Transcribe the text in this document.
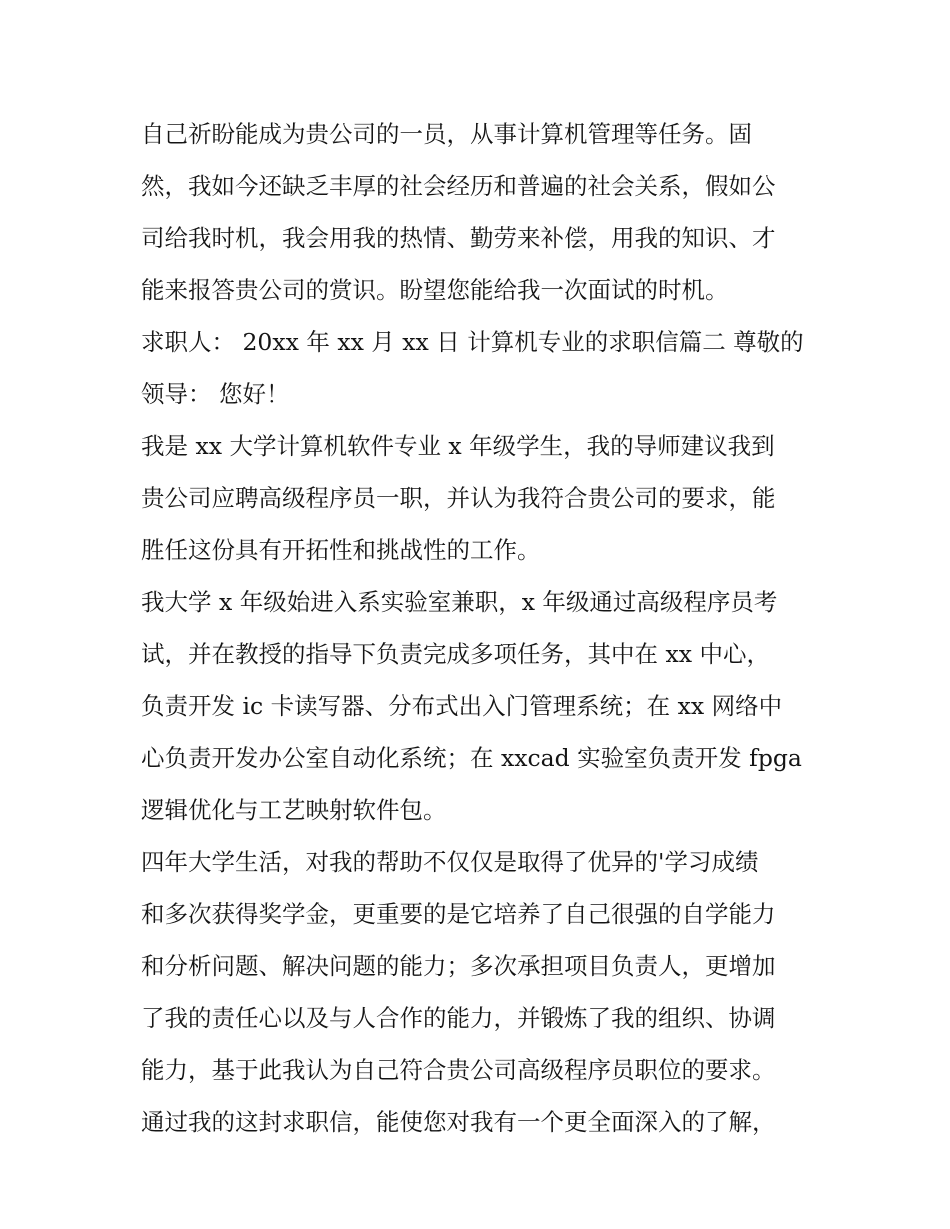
自己祈盼能成为贵公司的一员，从事计算机管理等任务。固
然，我如今还缺乏丰厚的社会经历和普遍的社会关系，假如公
司给我时机，我会用我的热情、勤劳来补偿，用我的知识、才
能来报答贵公司的赏识。盼望您能给我一次面试的时机。

求职人： 20xx 年 xx 月 xx 日 计算机专业的求职信篇二 尊敬的
领导： 您好！

我是 xx 大学计算机软件专业 x 年级学生，我的导师建议我到
贵公司应聘高级程序员一职，并认为我符合贵公司的要求，能
胜任这份具有开拓性和挑战性的工作。

我大学 x 年级始进入系实验室兼职，x 年级通过高级程序员考
试，并在教授的指导下负责完成多项任务，其中在 xx 中心，
负责开发 ic 卡读写器、分布式出入门管理系统；在 xx 网络中
心负责开发办公室自动化系统；在 xxcad 实验室负责开发 fpga
逻辑优化与工艺映射软件包。

四年大学生活，对我的帮助不仅仅是取得了优异的'学习成绩
和多次获得奖学金，更重要的是它培养了自己很强的自学能力
和分析问题、解决问题的能力；多次承担项目负责人，更增加
了我的责任心以及与人合作的能力，并锻炼了我的组织、协调
能力，基于此我认为自己符合贵公司高级程序员职位的要求。

通过我的这封求职信，能使您对我有一个更全面深入的了解，
